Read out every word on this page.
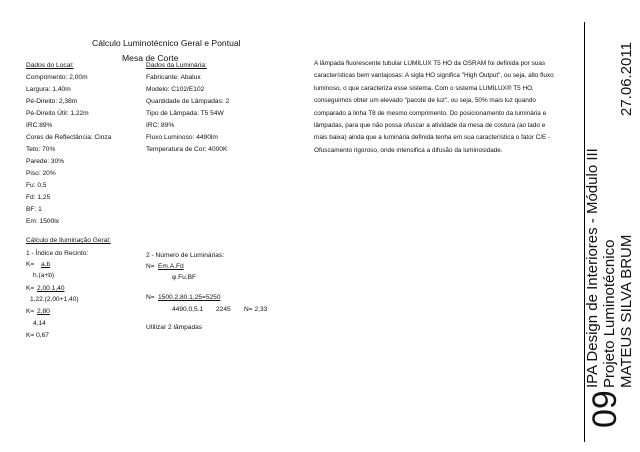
Cálculo Luminotécnico Geral e Pontual
Mesa de Corte
Dados do Local:
Comprimento: 2,00m
Largura: 1,40m
Pé-Direito: 2,38m
Pé-Direito Útil: 1,22m
IRC:89%
Cores de Reflectância: Cinza
Teto: 70%
Parede: 30%
Piso: 20%
Fu: 0,5
Fd: 1,25
BF: 1
Em: 1500lx
Dados da Luminária:
Fabricante: Abalux
Modelo: C102/E102
Quantidade de Lâmpadas: 2
Tipo de Lâmpada: T5 54W
IRC: 89%
Fluxo Luminoso: 4490lm
Temperatura de Cor: 4000K
A lâmpada fluorescente tubular LUMILUX T5 HO da OSRAM foi definida por suas
características bem vantajosas: A sigla HO significa "High Output", ou seja, alto fluxo
luminoso, o que caracteriza esse sistema. Com o sistema LUMILUX® T5 HO,
conseguimos obter um elevado "pacote de luz", ou seja, 50% mais luz quando
comparado à linha T8 de mesmo comprimento. Do posicionamento da luminária e
lâmpadas, para que não possa ofuscar a atividade da mesa de costura (ao lado e
mais baixa) ainda que a luminária definida tenha em sua característica o fator C/E -
Ofuscamento rigoroso, onde intensifica a difusão da luminosidade.
Cálculo de Iluminação Geral:
1 - Índice do Recinto:
K= a.b
h.(a+b)
K= 2,00.1,40
1,22.(2,00+1,40)
K= 2,80
4,14
K= 0,67
2 - Número de Luminárias:
N= Em.A.Fd
φ.Fu.BF
N= 1500.2,80.1,25=5250
4490.0,5.1 2245 N= 2,33
Utilizar 2 lâmpadas
09
IPA Design de Interiores - Módulo III Projeto Luminotécnico MATEUS SILVA BRUM
27.06.2011
